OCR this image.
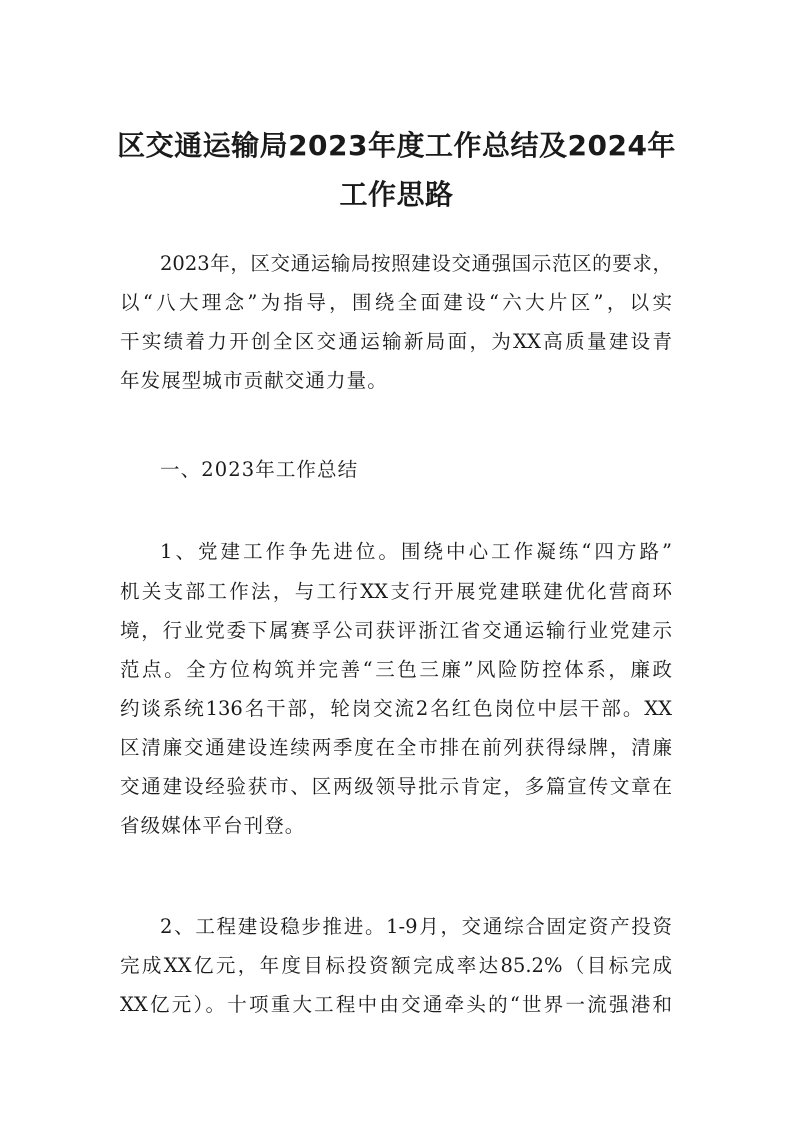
区交通运输局2023年度工作总结及2024年
工作思路
2023年，区交通运输局按照建设交通强国示范区的要求，
以“八大理念”为指导，围绕全面建设“六大片区”，以实
干实绩着力开创全区交通运输新局面，为XX高质量建设青
年发展型城市贡献交通力量。
一、2023年工作总结
1、党建工作争先进位。围绕中心工作凝练“四方路”
机关支部工作法，与工行XX支行开展党建联建优化营商环
境，行业党委下属赛孚公司获评浙江省交通运输行业党建示
范点。全方位构筑并完善“三色三廉”风险防控体系，廉政
约谈系统136名干部，轮岗交流2名红色岗位中层干部。XX
区清廉交通建设连续两季度在全市排在前列获得绿牌，清廉
交通建设经验获市、区两级领导批示肯定，多篇宣传文章在
省级媒体平台刊登。
2、工程建设稳步推进。1-9月，交通综合固定资产投资
完成XX亿元，年度目标投资额完成率达85.2%（目标完成
XX亿元）。十项重大工程中由交通牵头的“世界一流强港和
